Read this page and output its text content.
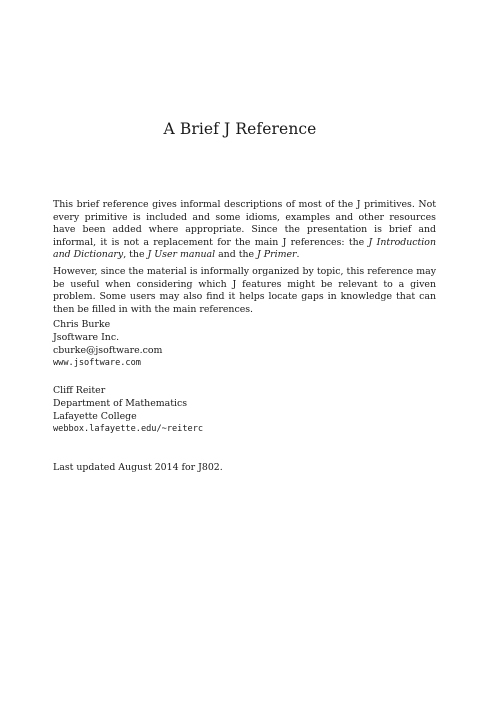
A Brief J Reference

This brief reference gives informal descriptions of most of the J primitives. Not every primitive is included and some idioms, examples and other resources have been added where appropriate. Since the presentation is brief and informal, it is not a replacement for the main J references: the J Introduction and Dictionary, the J User manual and the J Primer.

However, since the material is informally organized by topic, this reference may be useful when considering which J features might be relevant to a given problem. Some users may also find it helps locate gaps in knowledge that can then be filled in with the main references.

Chris Burke
Jsoftware Inc.
cburke@jsoftware.com
www.jsoftware.com
Cliff Reiter
Department of Mathematics
Lafayette College
webbox.lafayette.edu/~reiterc
Last updated August 2014 for J802.
